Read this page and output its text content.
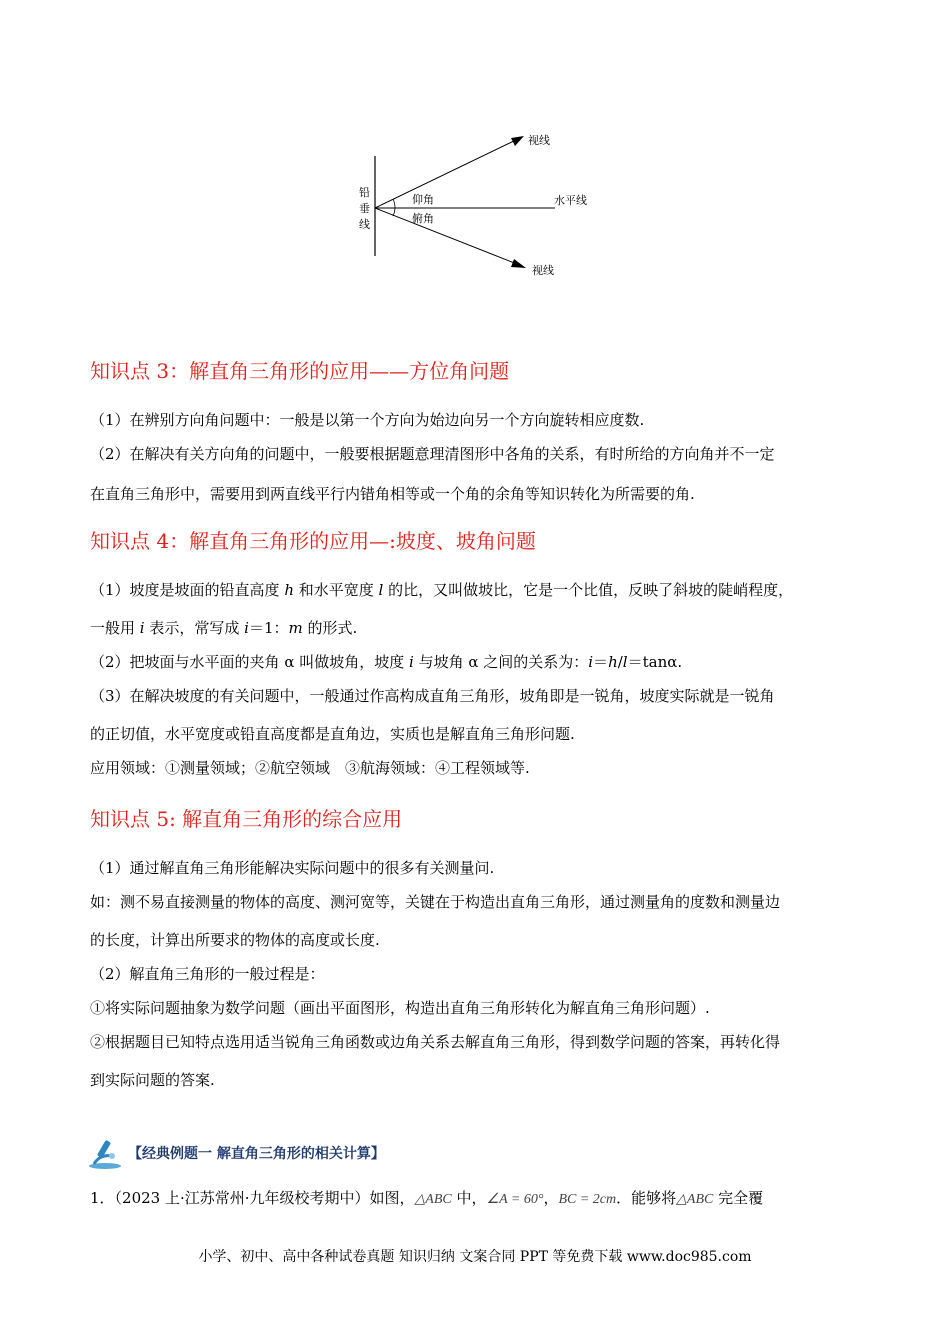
铅
垂
线
视线
视线
仰角
俯角
水平线
知识点 3：解直角三角形的应用——方位角问题
（1）在辨别方向角问题中：一般是以第一个方向为始边向另一个方向旋转相应度数.
（2）在解决有关方向角的问题中，一般要根据题意理清图形中各角的关系，有时所给的方向角并不一定
在直角三角形中，需要用到两直线平行内错角相等或一个角的余角等知识转化为所需要的角.
知识点 4：解直角三角形的应用—:坡度、坡角问题
（1）坡度是坡面的铅直高度 h 和水平宽度 l 的比，又叫做坡比，它是一个比值，反映了斜坡的陡峭程度，
一般用 i 表示，常写成 i＝1：m 的形式.
（2）把坡面与水平面的夹角 α 叫做坡角，坡度 i 与坡角 α 之间的关系为：i＝h/l＝tanα.
（3）在解决坡度的有关问题中，一般通过作高构成直角三角形，坡角即是一锐角，坡度实际就是一锐角
的正切值，水平宽度或铅直高度都是直角边，实质也是解直角三角形问题.
应用领域：①测量领域；②航空领域　③航海领域：④工程领域等.
知识点 5: 解直角三角形的综合应用
（1）通过解直角三角形能解决实际问题中的很多有关测量问.
如：测不易直接测量的物体的高度、测河宽等，关键在于构造出直角三角形，通过测量角的度数和测量边
的长度，计算出所要求的物体的高度或长度.
（2）解直角三角形的一般过程是：
①将实际问题抽象为数学问题（画出平面图形，构造出直角三角形转化为解直角三角形问题）.
②根据题目已知特点选用适当锐角三角函数或边角关系去解直角三角形，得到数学问题的答案，再转化得
到实际问题的答案.
【经典例题一 解直角三角形的相关计算】
1．（2023 上·江苏常州·九年级校考期中）如图，△ABC 中，∠A = 60°，BC = 2cm．能够将△ABC 完全覆
小学、初中、高中各种试卷真题 知识归纳 文案合同 PPT 等免费下载 www.doc985.com
